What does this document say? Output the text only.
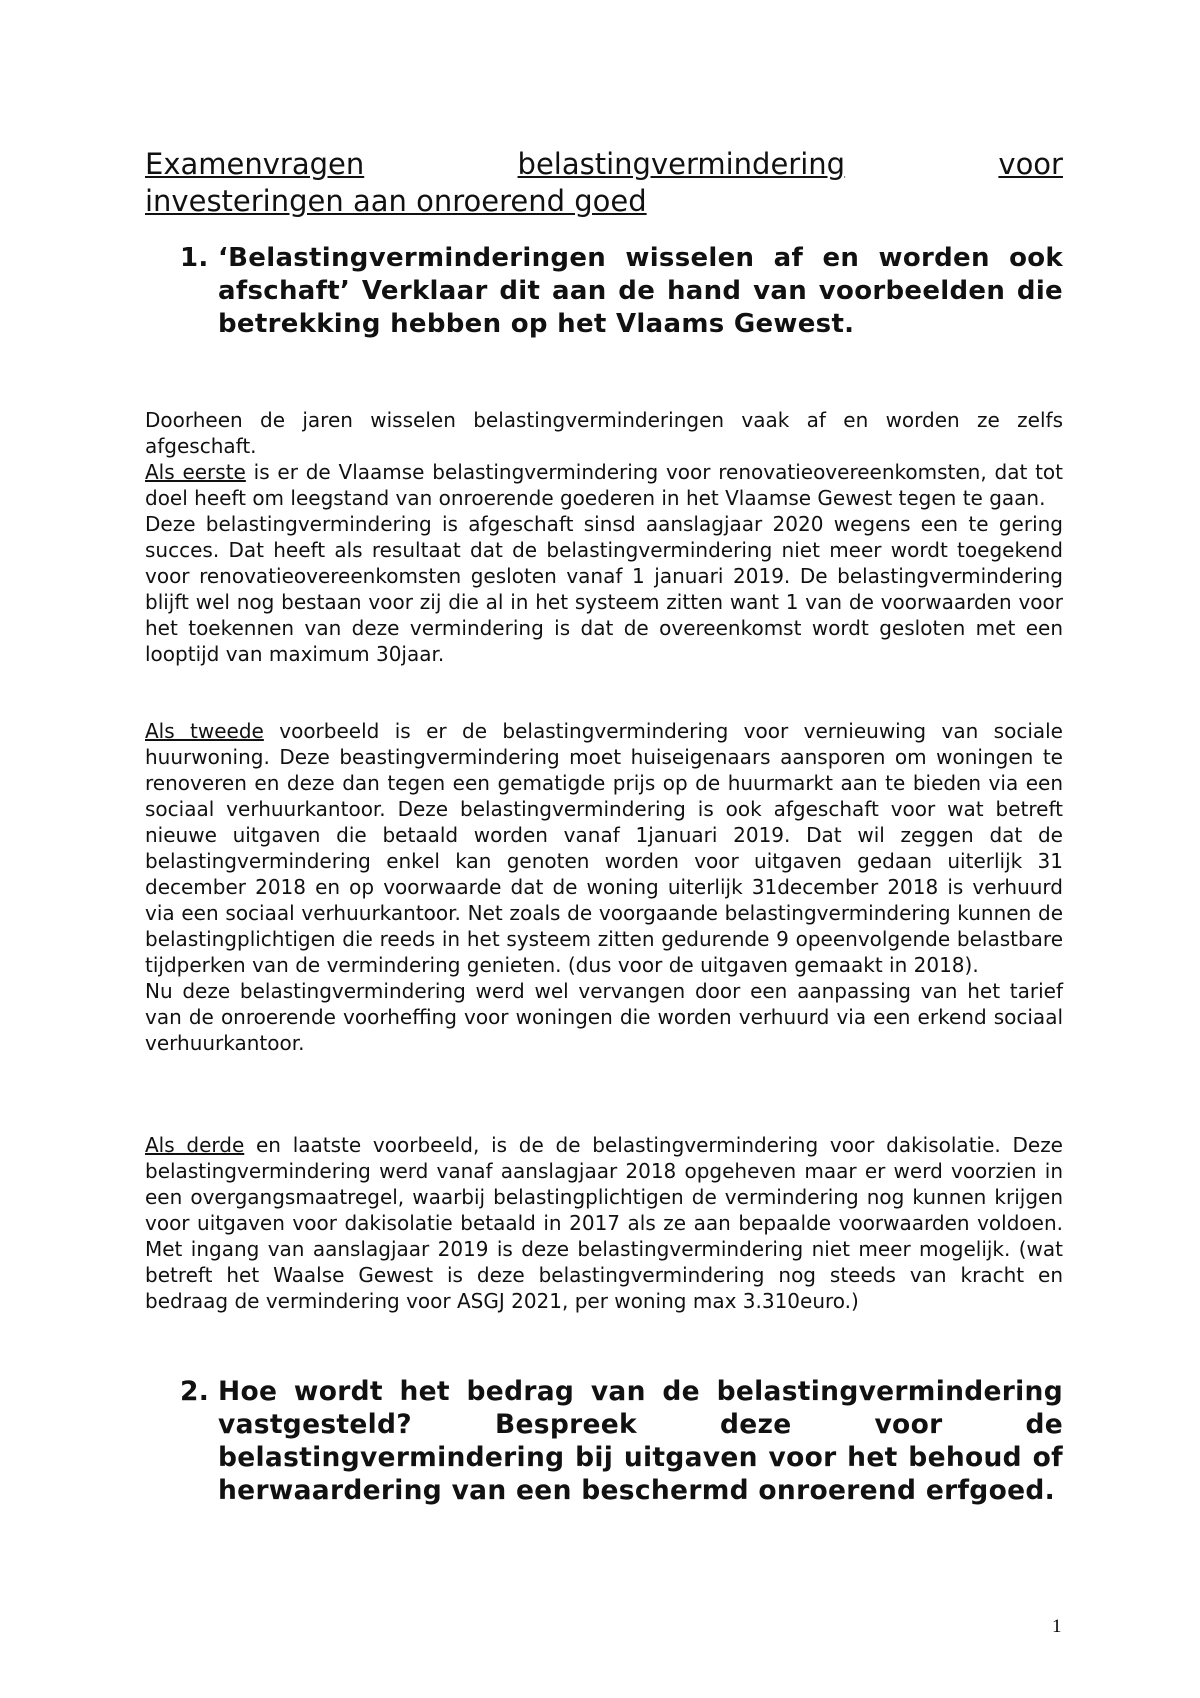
Examenvragen	belastingvermindering	voor
investeringen aan onroerend goed
1. ‘Belastingverminderingen wisselen af en worden ook afschaft’ Verklaar dit aan de hand van voorbeelden die betrekking hebben op het Vlaams Gewest.

Doorheen de jaren wisselen belastingverminderingen vaak af en worden ze zelfs afgeschaft.

Als eerste is er de Vlaamse belastingvermindering voor renovatieovereenkomsten, dat tot doel heeft om leegstand van onroerende goederen in het Vlaamse Gewest tegen te gaan.

Deze belastingvermindering is afgeschaft sinsd aanslagjaar 2020 wegens een te gering succes. Dat heeft als resultaat dat de belastingvermindering niet meer wordt toegekend voor renovatieovereenkomsten gesloten vanaf 1 januari 2019. De belastingvermindering blijft wel nog bestaan voor zij die al in het systeem zitten want 1 van de voorwaarden voor het toekennen van deze vermindering is dat de overeenkomst wordt gesloten met een looptijd van maximum 30jaar.

Als tweede voorbeeld is er de belastingvermindering voor vernieuwing van sociale huurwoning. Deze beastingvermindering moet huiseigenaars aansporen om woningen te renoveren en deze dan tegen een gematigde prijs op de huurmarkt aan te bieden via een sociaal verhuurkantoor. Deze belastingvermindering is ook afgeschaft voor wat betreft nieuwe uitgaven die betaald worden vanaf 1januari 2019. Dat wil zeggen dat de belastingvermindering enkel kan genoten worden voor uitgaven gedaan uiterlijk 31 december 2018 en op voorwaarde dat de woning uiterlijk 31december 2018 is verhuurd via een sociaal verhuurkantoor. Net zoals de voorgaande belastingvermindering kunnen de belastingplichtigen die reeds in het systeem zitten gedurende 9 opeenvolgende belastbare tijdperken van de vermindering genieten. (dus voor de uitgaven gemaakt in 2018).

Nu deze belastingvermindering werd wel vervangen door een aanpassing van het tarief van de onroerende voorheffing voor woningen die worden verhuurd via een erkend sociaal verhuurkantoor.

Als derde en laatste voorbeeld, is de de belastingvermindering voor dakisolatie. Deze belastingvermindering werd vanaf aanslagjaar 2018 opgeheven maar er werd voorzien in een overgangsmaatregel, waarbij belastingplichtigen de vermindering nog kunnen krijgen voor uitgaven voor dakisolatie betaald in 2017 als ze aan bepaalde voorwaarden voldoen. Met ingang van aanslagjaar 2019 is deze belastingvermindering niet meer mogelijk. (wat betreft het Waalse Gewest is deze belastingvermindering nog steeds van kracht en bedraag de vermindering voor ASGJ 2021, per woning max 3.310euro.)

2. Hoe wordt het bedrag van de belastingvermindering vastgesteld? Bespreek deze voor de belastingvermindering bij uitgaven voor het behoud of herwaardering van een beschermd onroerend erfgoed.
1
